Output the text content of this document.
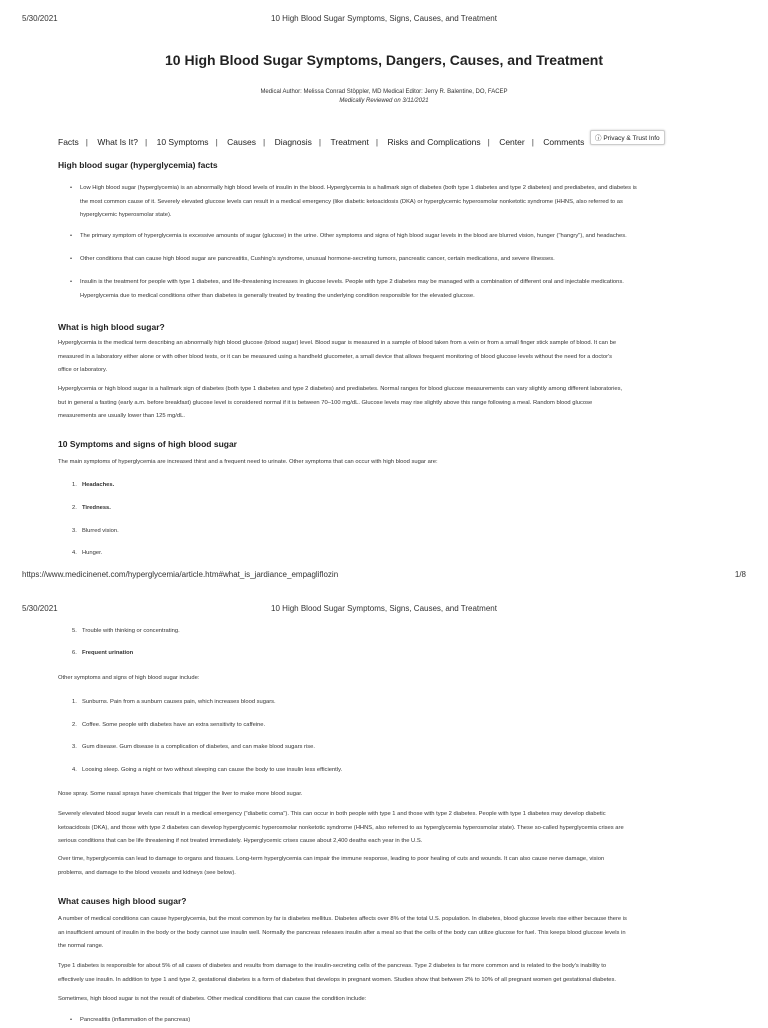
5/30/2021	10 High Blood Sugar Symptoms, Signs, Causes, and Treatment
10 High Blood Sugar Symptoms, Dangers, Causes, and Treatment
Medical Author: Melissa Conrad Stöppler, MD Medical Editor: Jerry R. Balentine, DO, FACEP
Medically Reviewed on 3/11/2021
Facts | What Is It? | 10 Symptoms | Causes | Diagnosis | Treatment | Risks and Complications | Center | Comments	ⓘ Privacy & Trust Info
High blood sugar (hyperglycemia) facts
• Low High blood sugar (hyperglycemia) is an abnormally high blood levels of insulin in the blood. Hyperglycemia is a hallmark sign of diabetes (both type 1 diabetes and type 2 diabetes) and prediabetes, and diabetes is
the most common cause of it. Severely elevated glucose levels can result in a medical emergency (like diabetic ketoacidosis (DKA) or hyperglycemic hyperosmolar nonketotic syndrome (HHNS, also referred to as
hyperglycemic hyperosmolar state).
• The primary symptom of hyperglycemia is excessive amounts of sugar (glucose) in the urine. Other symptoms and signs of high blood sugar levels in the blood are blurred vision, hunger ("hangry"), and headaches.
• Other conditions that can cause high blood sugar are pancreatitis, Cushing's syndrome, unusual hormone-secreting tumors, pancreatic cancer, certain medications, and severe illnesses.
• Insulin is the treatment for people with type 1 diabetes, and life-threatening increases in glucose levels. People with type 2 diabetes may be managed with a combination of different oral and injectable medications.
Hyperglycemia due to medical conditions other than diabetes is generally treated by treating the underlying condition responsible for the elevated glucose.
What is high blood sugar?
Hyperglycemia is the medical term describing an abnormally high blood glucose (blood sugar) level. Blood sugar is measured in a sample of blood taken from a vein or from a small finger stick sample of blood. It can be
measured in a laboratory either alone or with other blood tests, or it can be measured using a handheld glucometer, a small device that allows frequent monitoring of blood glucose levels without the need for a doctor's
office or laboratory.
Hyperglycemia or high blood sugar is a hallmark sign of diabetes (both type 1 diabetes and type 2 diabetes) and prediabetes. Normal ranges for blood glucose measurements can vary slightly among different laboratories,
but in general a fasting (early a.m. before breakfast) glucose level is considered normal if it is between 70–100 mg/dL. Glucose levels may rise slightly above this range following a meal. Random blood glucose
measurements are usually lower than 125 mg/dL.
10 Symptoms and signs of high blood sugar
The main symptoms of hyperglycemia are increased thirst and a frequent need to urinate. Other symptoms that can occur with high blood sugar are:
1. Headaches.
2. Tiredness.
3. Blurred vision.
4. Hunger.
https://www.medicinenet.com/hyperglycemia/article.htm#what_is_jardiance_empagliflozin	1/8
5/30/2021	10 High Blood Sugar Symptoms, Signs, Causes, and Treatment
5. Trouble with thinking or concentrating.
6. Frequent urination
Other symptoms and signs of high blood sugar include:
1. Sunburns. Pain from a sunburn causes pain, which increases blood sugars.
2. Coffee. Some people with diabetes have an extra sensitivity to caffeine.
3. Gum disease. Gum disease is a complication of diabetes, and can make blood sugars rise.
4. Loosing sleep. Going a night or two without sleeping can cause the body to use insulin less efficiently.
Nose spray. Some nasal sprays have chemicals that trigger the liver to make more blood sugar.
Severely elevated blood sugar levels can result in a medical emergency ("diabetic coma"). This can occur in both people with type 1 and those with type 2 diabetes. People with type 1 diabetes may develop diabetic
ketoacidosis (DKA), and those with type 2 diabetes can develop hyperglycemic hyperosmolar nonketotic syndrome (HHNS, also referred to as hyperglycemia hyperosmolar state). These so-called hyperglycemia crises are
serious conditions that can be life threatening if not treated immediately. Hyperglycemic crises cause about 2,400 deaths each year in the U.S.
Over time, hyperglycemia can lead to damage to organs and tissues. Long-term hyperglycemia can impair the immune response, leading to poor healing of cuts and wounds. It can also cause nerve damage, vision
problems, and damage to the blood vessels and kidneys (see below).
What causes high blood sugar?
A number of medical conditions can cause hyperglycemia, but the most common by far is diabetes mellitus. Diabetes affects over 8% of the total U.S. population. In diabetes, blood glucose levels rise either because there is
an insufficient amount of insulin in the body or the body cannot use insulin well. Normally the pancreas releases insulin after a meal so that the cells of the body can utilize glucose for fuel. This keeps blood glucose levels in
the normal range.
Type 1 diabetes is responsible for about 5% of all cases of diabetes and results from damage to the insulin-secreting cells of the pancreas. Type 2 diabetes is far more common and is related to the body's inability to
effectively use insulin. In addition to type 1 and type 2, gestational diabetes is a form of diabetes that develops in pregnant women. Studies show that between 2% to 10% of all pregnant women get gestational diabetes.
Sometimes, high blood sugar is not the result of diabetes. Other medical conditions that can cause the condition include:
• Pancreatitis (inflammation of the pancreas)
